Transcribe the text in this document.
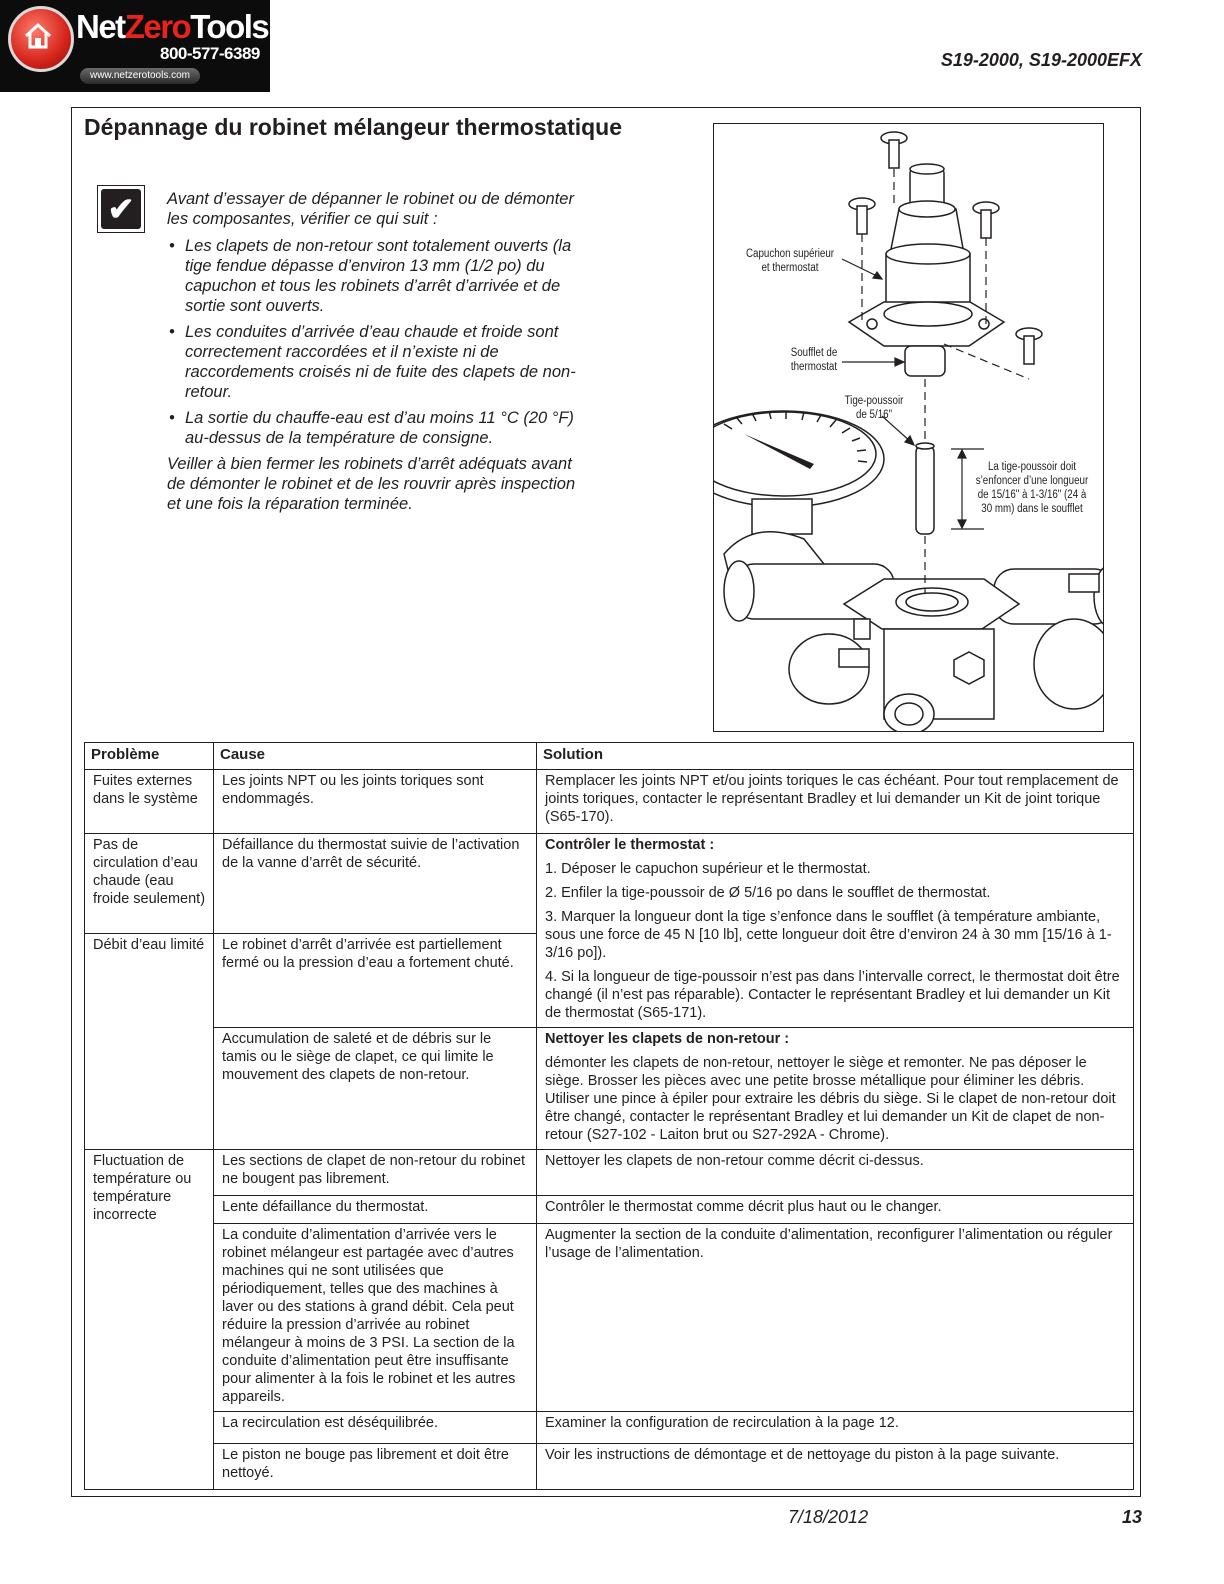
NetZeroTools
800-577-6389
www.netzerotools.com
S19-2000, S19-2000EFX
Dépannage du robinet mélangeur thermostatique
✔	Avant d’essayer de dépanner le robinet ou de démonter les composantes, vérifier ce qui suit :

• Les clapets de non-retour sont totalement ouverts (la tige fendue dépasse d’environ 13 mm (1/2 po) du capuchon et tous les robinets d’arrêt d’arrivée et de sortie sont ouverts.
• Les conduites d’arrivée d’eau chaude et froide sont correctement raccordées et il n’existe ni de raccordements croisés ni de fuite des clapets de non-retour.
• La sortie du chauffe-eau est d’au moins 11 °C (20 °F) au-dessus de la température de consigne.

Veiller à bien fermer les robinets d’arrêt adéquats avant de démonter le robinet et de les rouvrir après inspection et une fois la réparation terminée.

Capuchon supérieur
et thermostat
Soufflet de
thermostat
Tige-poussoir
de 5/16"
La tige-poussoir doit s’enfoncer d’une longueur de 15/16" à 1-3/16" (24 à 30 mm) dans le soufflet
Problème	Cause	Solution
Fuites externes dans le système	Les joints NPT ou les joints toriques sont endommagés.	Remplacer les joints NPT et/ou joints toriques le cas échéant. Pour tout remplacement de joints toriques, contacter le représentant Bradley et lui demander un Kit de joint torique (S65-170).
Pas de circulation d’eau chaude (eau froide seulement)	Défaillance du thermostat suivie de l’activation de la vanne d’arrêt de sécurité.	Contrôler le thermostat :

1. Déposer le capuchon supérieur et le thermostat.

2. Enfiler la tige-poussoir de Ø 5/16 po dans le soufflet de thermostat.

3. Marquer la longueur dont la tige s’enfonce dans le soufflet (à température ambiante, sous une force de 45 N [10 lb], cette longueur doit être d’environ 24 à 30 mm [15/16 à 1-3/16 po]).

4. Si la longueur de tige-poussoir n’est pas dans l’intervalle correct, le thermostat doit être changé (il n’est pas réparable). Contacter le représentant Bradley et lui demander un Kit de thermostat (S65-171).

Débit d’eau limité	Le robinet d’arrêt d’arrivée est partiellement fermé ou la pression d’eau a fortement chuté.	
	Accumulation de saleté et de débris sur le tamis ou le siège de clapet, ce qui limite le mouvement des clapets de non-retour.	Nettoyer les clapets de non-retour :

démonter les clapets de non-retour, nettoyer le siège et remonter. Ne pas déposer le siège. Brosser les pièces avec une petite brosse métallique pour éliminer les débris. Utiliser une pince à épiler pour extraire les débris du siège. Si le clapet de non-retour doit être changé, contacter le représentant Bradley et lui demander un Kit de clapet de non-retour (S27-102 - Laiton brut ou S27-292A - Chrome).

Fluctuation de température ou température incorrecte	Les sections de clapet de non-retour du robinet ne bougent pas librement.	Nettoyer les clapets de non-retour comme décrit ci-dessus.
	Lente défaillance du thermostat.	Contrôler le thermostat comme décrit plus haut ou le changer.
	La conduite d’alimentation d’arrivée vers le robinet mélangeur est partagée avec d’autres machines qui ne sont utilisées que périodiquement, telles que des machines à laver ou des stations à grand débit. Cela peut réduire la pression d’arrivée au robinet mélangeur à moins de 3 PSI. La section de la conduite d’alimentation peut être insuffisante pour alimenter à la fois le robinet et les autres appareils.	Augmenter la section de la conduite d’alimentation, reconfigurer l’alimentation ou réguler l’usage de l’alimentation.
	La recirculation est déséquilibrée.	Examiner la configuration de recirculation à la page 12.
	Le piston ne bouge pas librement et doit être nettoyé.	Voir les instructions de démontage et de nettoyage du piston à la page suivante.
7/18/2012	13
